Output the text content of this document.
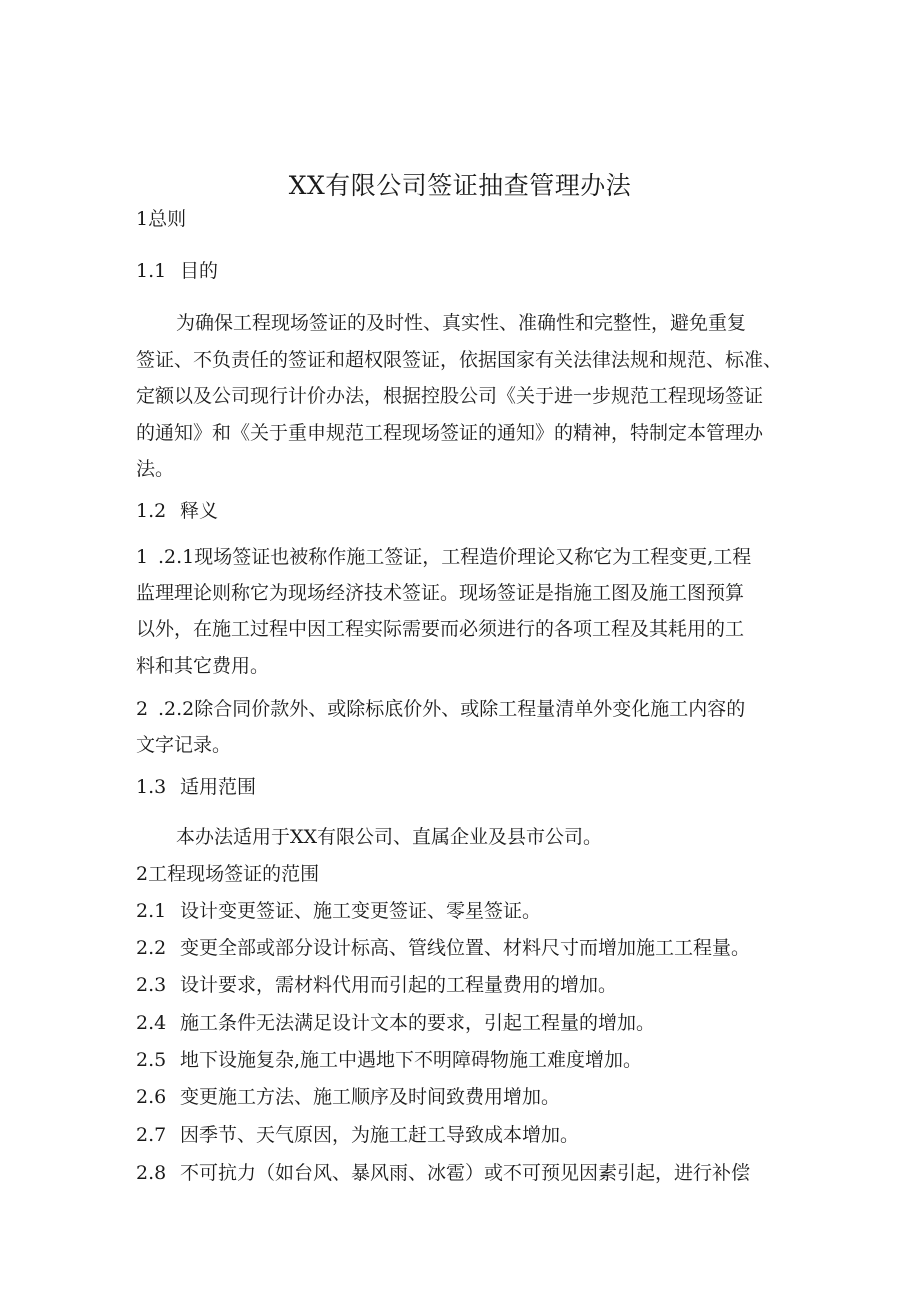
XX有限公司签证抽查管理办法
1总则
1.1 目的
为确保工程现场签证的及时性、真实性、准确性和完整性，避免重复
签证、不负责任的签证和超权限签证，依据国家有关法律法规和规范、标准、
定额以及公司现行计价办法，根据控股公司《关于进一步规范工程现场签证
的通知》和《关于重申规范工程现场签证的通知》的精神，特制定本管理办
法。
1.2 释义
1 .2.1现场签证也被称作施工签证，工程造价理论又称它为工程变更,工程
监理理论则称它为现场经济技术签证。现场签证是指施工图及施工图预算
以外，在施工过程中因工程实际需要而必须进行的各项工程及其耗用的工
料和其它费用。
2 .2.2除合同价款外、或除标底价外、或除工程量清单外变化施工内容的
文字记录。
1.3 适用范围
本办法适用于XX有限公司、直属企业及县市公司。
2工程现场签证的范围
2.1 设计变更签证、施工变更签证、零星签证。
2.2 变更全部或部分设计标高、管线位置、材料尺寸而增加施工工程量。
2.3 设计要求，需材料代用而引起的工程量费用的增加。
2.4 施工条件无法满足设计文本的要求，引起工程量的增加。
2.5 地下设施复杂,施工中遇地下不明障碍物施工难度增加。
2.6 变更施工方法、施工顺序及时间致费用增加。
2.7 因季节、天气原因，为施工赶工导致成本增加。
2.8 不可抗力（如台风、暴风雨、冰雹）或不可预见因素引起，进行补偿
